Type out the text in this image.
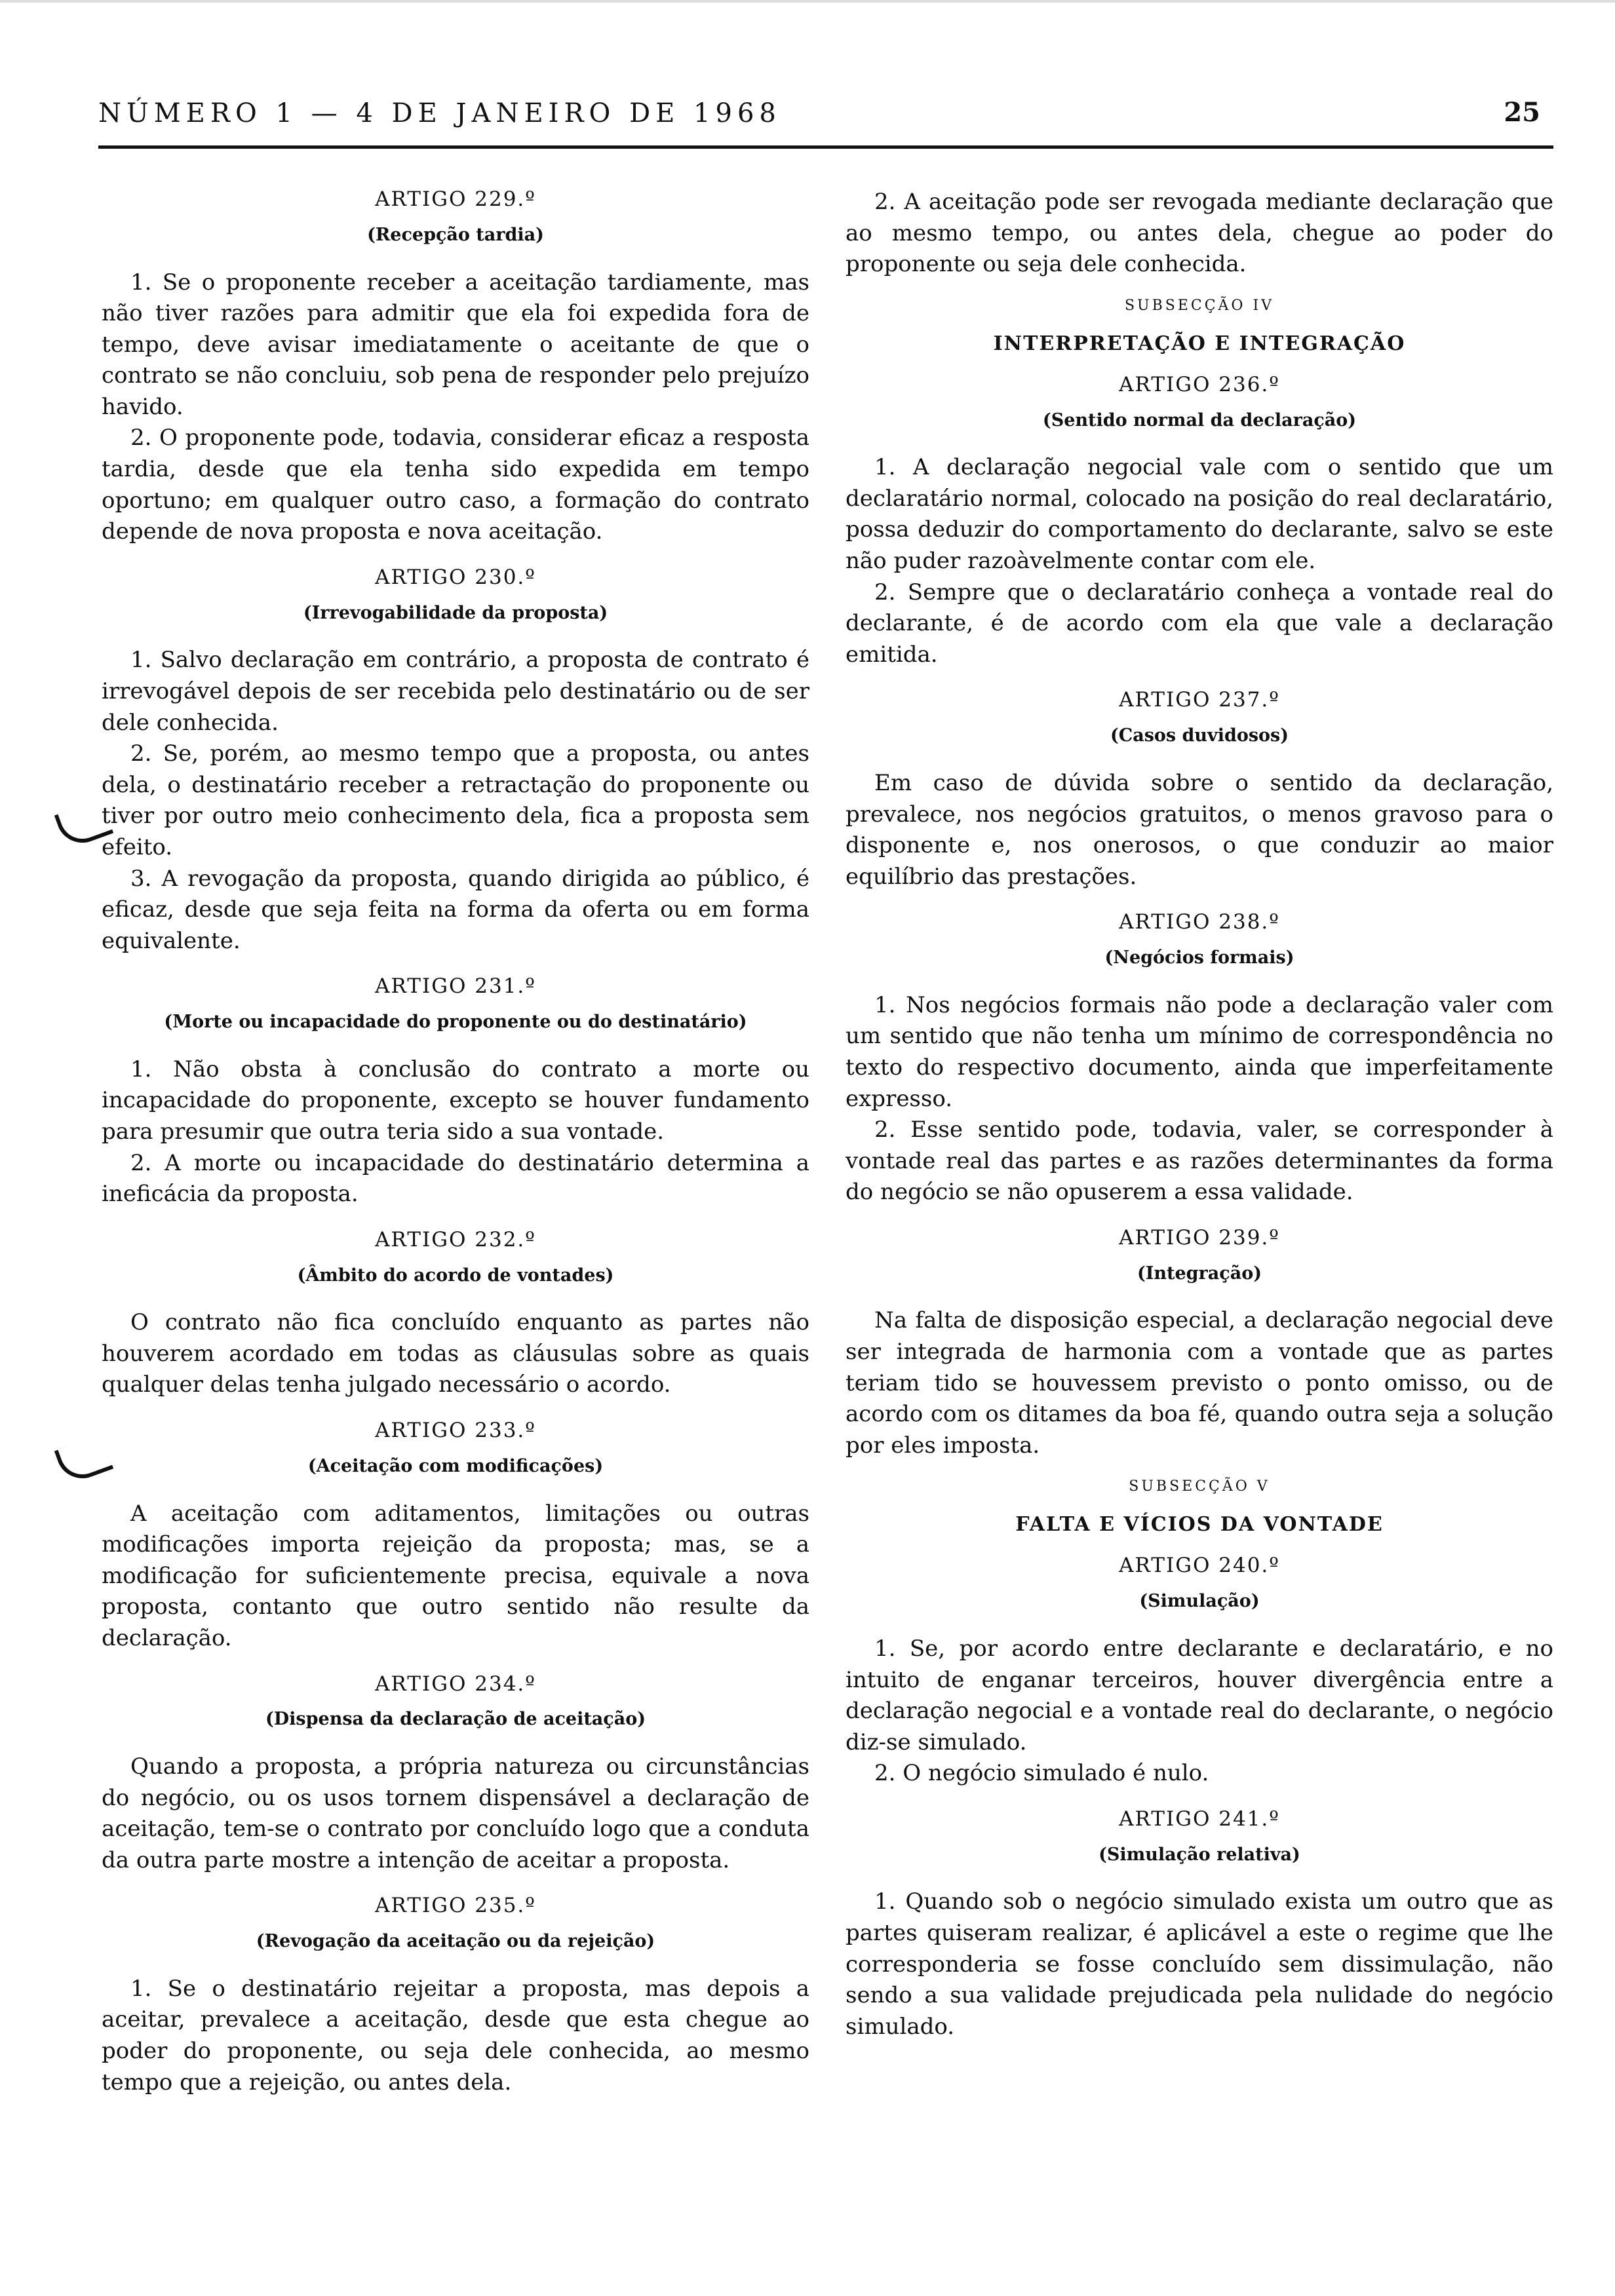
NÚMERO 1 — 4 DE JANEIRO DE 1968	25
ARTIGO 229.º
(Recepção tardia)

1. Se o proponente receber a aceitação tardiamente, mas não tiver razões para admitir que ela foi expedida fora de tempo, deve avisar imediatamente o aceitante de que o contrato se não concluiu, sob pena de responder pelo prejuízo havido.

2. O proponente pode, todavia, considerar eficaz a resposta tardia, desde que ela tenha sido expedida em tempo oportuno; em qualquer outro caso, a formação do contrato depende de nova proposta e nova aceitação.

ARTIGO 230.º
(Irrevogabilidade da proposta)

1. Salvo declaração em contrário, a proposta de contrato é irrevogável depois de ser recebida pelo destinatário ou de ser dele conhecida.

2. Se, porém, ao mesmo tempo que a proposta, ou antes dela, o destinatário receber a retractação do proponente ou tiver por outro meio conhecimento dela, fica a proposta sem efeito.

3. A revogação da proposta, quando dirigida ao público, é eficaz, desde que seja feita na forma da oferta ou em forma equivalente.

ARTIGO 231.º
(Morte ou incapacidade do proponente ou do destinatário)

1. Não obsta à conclusão do contrato a morte ou incapacidade do proponente, excepto se houver fundamento para presumir que outra teria sido a sua vontade.

2. A morte ou incapacidade do destinatário determina a ineficácia da proposta.

ARTIGO 232.º
(Âmbito do acordo de vontades)

O contrato não fica concluído enquanto as partes não houverem acordado em todas as cláusulas sobre as quais qualquer delas tenha julgado necessário o acordo.

ARTIGO 233.º
(Aceitação com modificações)

A aceitação com aditamentos, limitações ou outras modificações importa rejeição da proposta; mas, se a modificação for suficientemente precisa, equivale a nova proposta, contanto que outro sentido não resulte da declaração.

ARTIGO 234.º
(Dispensa da declaração de aceitação)

Quando a proposta, a própria natureza ou circunstâncias do negócio, ou os usos tornem dispensável a declaração de aceitação, tem-se o contrato por concluído logo que a conduta da outra parte mostre a intenção de aceitar a proposta.

ARTIGO 235.º
(Revogação da aceitação ou da rejeição)

1. Se o destinatário rejeitar a proposta, mas depois a aceitar, prevalece a aceitação, desde que esta chegue ao poder do proponente, ou seja dele conhecida, ao mesmo tempo que a rejeição, ou antes dela.

2. A aceitação pode ser revogada mediante declaração que ao mesmo tempo, ou antes dela, chegue ao poder do proponente ou seja dele conhecida.

SUBSECÇÃO IV
INTERPRETAÇÃO E INTEGRAÇÃO
ARTIGO 236.º
(Sentido normal da declaração)

1. A declaração negocial vale com o sentido que um declaratário normal, colocado na posição do real declaratário, possa deduzir do comportamento do declarante, salvo se este não puder razoàvelmente contar com ele.

2. Sempre que o declaratário conheça a vontade real do declarante, é de acordo com ela que vale a declaração emitida.

ARTIGO 237.º
(Casos duvidosos)

Em caso de dúvida sobre o sentido da declaração, prevalece, nos negócios gratuitos, o menos gravoso para o disponente e, nos onerosos, o que conduzir ao maior equilíbrio das prestações.

ARTIGO 238.º
(Negócios formais)

1. Nos negócios formais não pode a declaração valer com um sentido que não tenha um mínimo de correspondência no texto do respectivo documento, ainda que imperfeitamente expresso.

2. Esse sentido pode, todavia, valer, se corresponder à vontade real das partes e as razões determinantes da forma do negócio se não opuserem a essa validade.

ARTIGO 239.º
(Integração)

Na falta de disposição especial, a declaração negocial deve ser integrada de harmonia com a vontade que as partes teriam tido se houvessem previsto o ponto omisso, ou de acordo com os ditames da boa fé, quando outra seja a solução por eles imposta.

SUBSECÇÃO V
FALTA E VÍCIOS DA VONTADE
ARTIGO 240.º
(Simulação)

1. Se, por acordo entre declarante e declaratário, e no intuito de enganar terceiros, houver divergência entre a declaração negocial e a vontade real do declarante, o negócio diz-se simulado.

2. O negócio simulado é nulo.

ARTIGO 241.º
(Simulação relativa)

1. Quando sob o negócio simulado exista um outro que as partes quiseram realizar, é aplicável a este o regime que lhe corresponderia se fosse concluído sem dissimulação, não sendo a sua validade prejudicada pela nulidade do negócio simulado.
